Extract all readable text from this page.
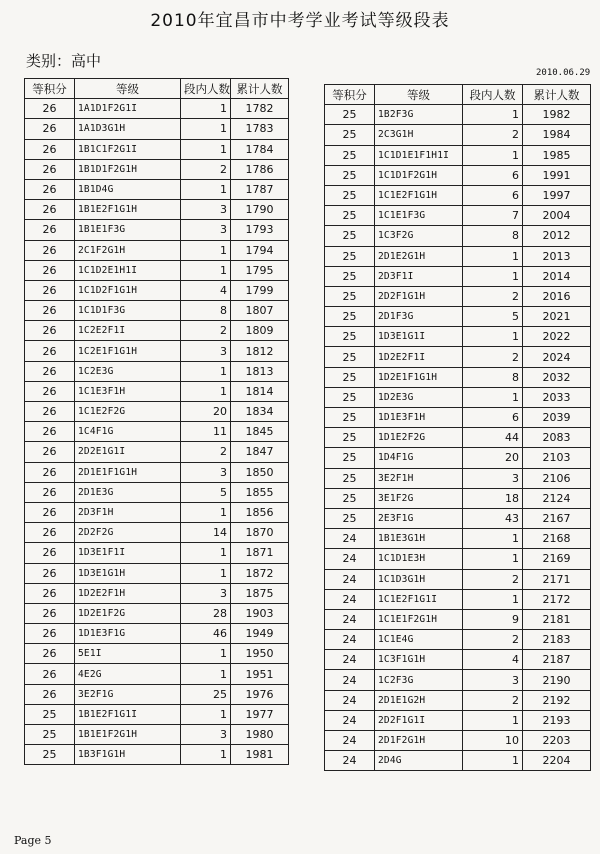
2010年宜昌市中考学业考试等级段表
类别：高中
2010.06.29
等积分	等级	段内人数	累计人数
26	1A1D1F2G1I	1	1782
26	1A1D3G1H	1	1783
26	1B1C1F2G1I	1	1784
26	1B1D1F2G1H	2	1786
26	1B1D4G	1	1787
26	1B1E2F1G1H	3	1790
26	1B1E1F3G	3	1793
26	2C1F2G1H	1	1794
26	1C1D2E1H1I	1	1795
26	1C1D2F1G1H	4	1799
26	1C1D1F3G	8	1807
26	1C2E2F1I	2	1809
26	1C2E1F1G1H	3	1812
26	1C2E3G	1	1813
26	1C1E3F1H	1	1814
26	1C1E2F2G	20	1834
26	1C4F1G	11	1845
26	2D2E1G1I	2	1847
26	2D1E1F1G1H	3	1850
26	2D1E3G	5	1855
26	2D3F1H	1	1856
26	2D2F2G	14	1870
26	1D3E1F1I	1	1871
26	1D3E1G1H	1	1872
26	1D2E2F1H	3	1875
26	1D2E1F2G	28	1903
26	1D1E3F1G	46	1949
26	5E1I	1	1950
26	4E2G	1	1951
26	3E2F1G	25	1976
25	1B1E2F1G1I	1	1977
25	1B1E1F2G1H	3	1980
25	1B3F1G1H	1	1981
等积分	等级	段内人数	累计人数
25	1B2F3G	1	1982
25	2C3G1H	2	1984
25	1C1D1E1F1H1I	1	1985
25	1C1D1F2G1H	6	1991
25	1C1E2F1G1H	6	1997
25	1C1E1F3G	7	2004
25	1C3F2G	8	2012
25	2D1E2G1H	1	2013
25	2D3F1I	1	2014
25	2D2F1G1H	2	2016
25	2D1F3G	5	2021
25	1D3E1G1I	1	2022
25	1D2E2F1I	2	2024
25	1D2E1F1G1H	8	2032
25	1D2E3G	1	2033
25	1D1E3F1H	6	2039
25	1D1E2F2G	44	2083
25	1D4F1G	20	2103
25	3E2F1H	3	2106
25	3E1F2G	18	2124
25	2E3F1G	43	2167
24	1B1E3G1H	1	2168
24	1C1D1E3H	1	2169
24	1C1D3G1H	2	2171
24	1C1E2F1G1I	1	2172
24	1C1E1F2G1H	9	2181
24	1C1E4G	2	2183
24	1C3F1G1H	4	2187
24	1C2F3G	3	2190
24	2D1E1G2H	2	2192
24	2D2F1G1I	1	2193
24	2D1F2G1H	10	2203
24	2D4G	1	2204
Page 5
